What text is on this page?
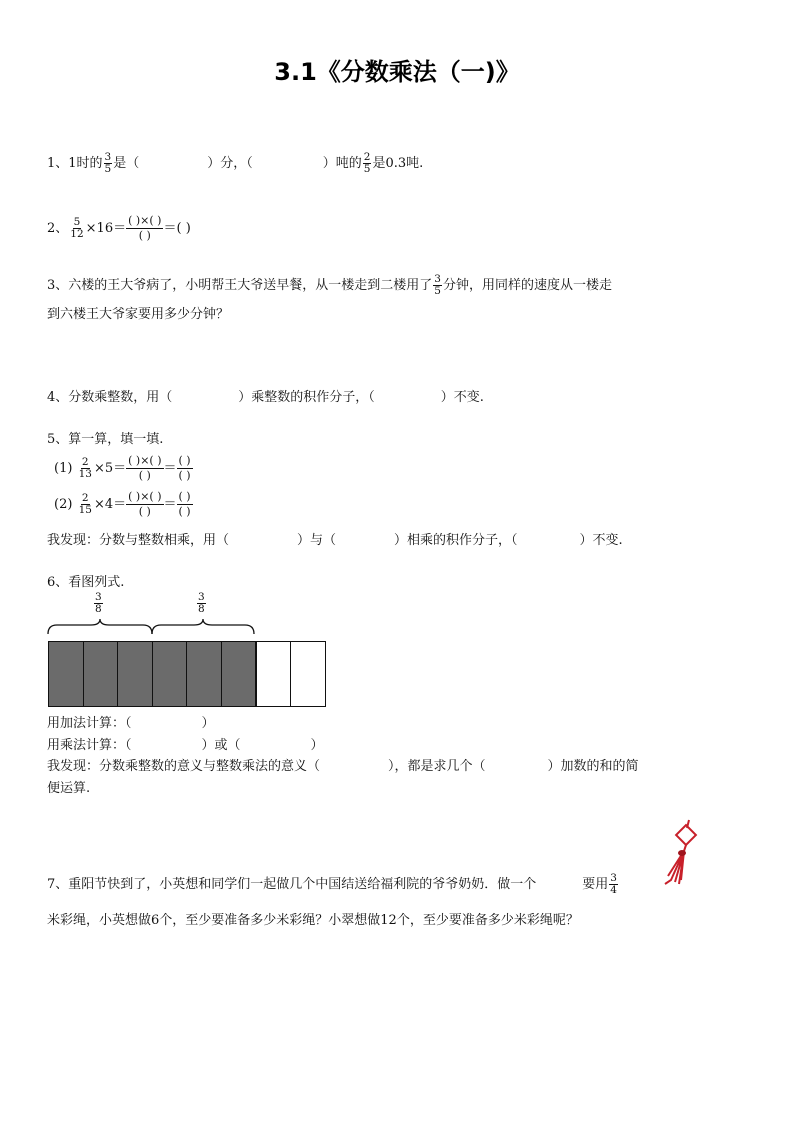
3.1《分数乘法（一)》
1、1时的 $\frac{3}{5}$ 是（	）分，（	）吨的 $\frac{2}{5}$ 是0.3吨.
2、 $\frac{5}{12} \times 16= \frac{( )\times( )}{( )}$ ＝( )
3、六楼的王大爷病了，小明帮王大爷送早餐，从一楼走到二楼用了 $\frac{3}{5}$ 分钟，用同样的速度从一楼走
到六楼王大爷家要用多少分钟？
4、分数乘整数，用（	）乘整数的积作分子，（	）不变.
5、算一算，填一填.
$(1) \frac{2}{13} \times 5= \frac{( )\times( )}{( )} = \frac{( )}{( )}$
$(2) \frac{2}{15} \times 4= \frac{( )\times( )}{( )} = \frac{( )}{( )}$
我发现：分数与整数相乘，用（	）与（	）相乘的积作分子，（	）不变.
6、看图列式.
$\frac{3}{8}$	$\frac{3}{8}$
用加法计算：（	）
用乘法计算：（	）或（	）
我发现：分数乘整数的意义与整数乘法的意义（	），都是求几个（	）加数的和的简
便运算.
7、重阳节快到了，小英想和同学们一起做几个中国结送给福利院的爷爷奶奶．做一个	要用 $\frac{3}{4}$
米彩绳，小英想做6个，至少要准备多少米彩绳？小翠想做12个，至少要准备多少米彩绳呢？
